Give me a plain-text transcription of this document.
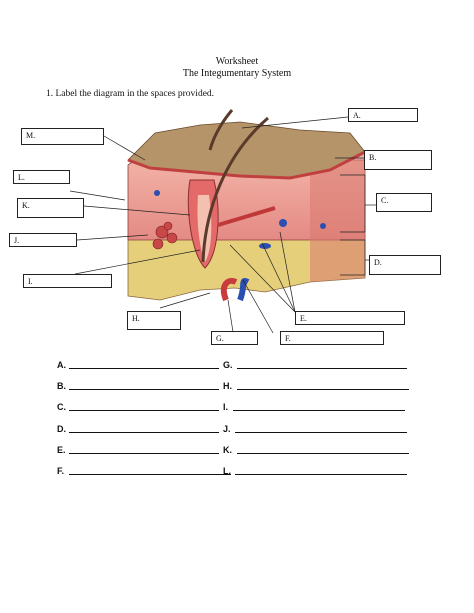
Worksheet
The Integumentary System
1. Label the diagram in the spaces provided.
A.
B.
C.
D.
E.
F.
G.
H.
I.
J.
K.
L.
M.
A.
B.
C.
D.
E.
F.
G.
H.
I.
J.
K.
L.
